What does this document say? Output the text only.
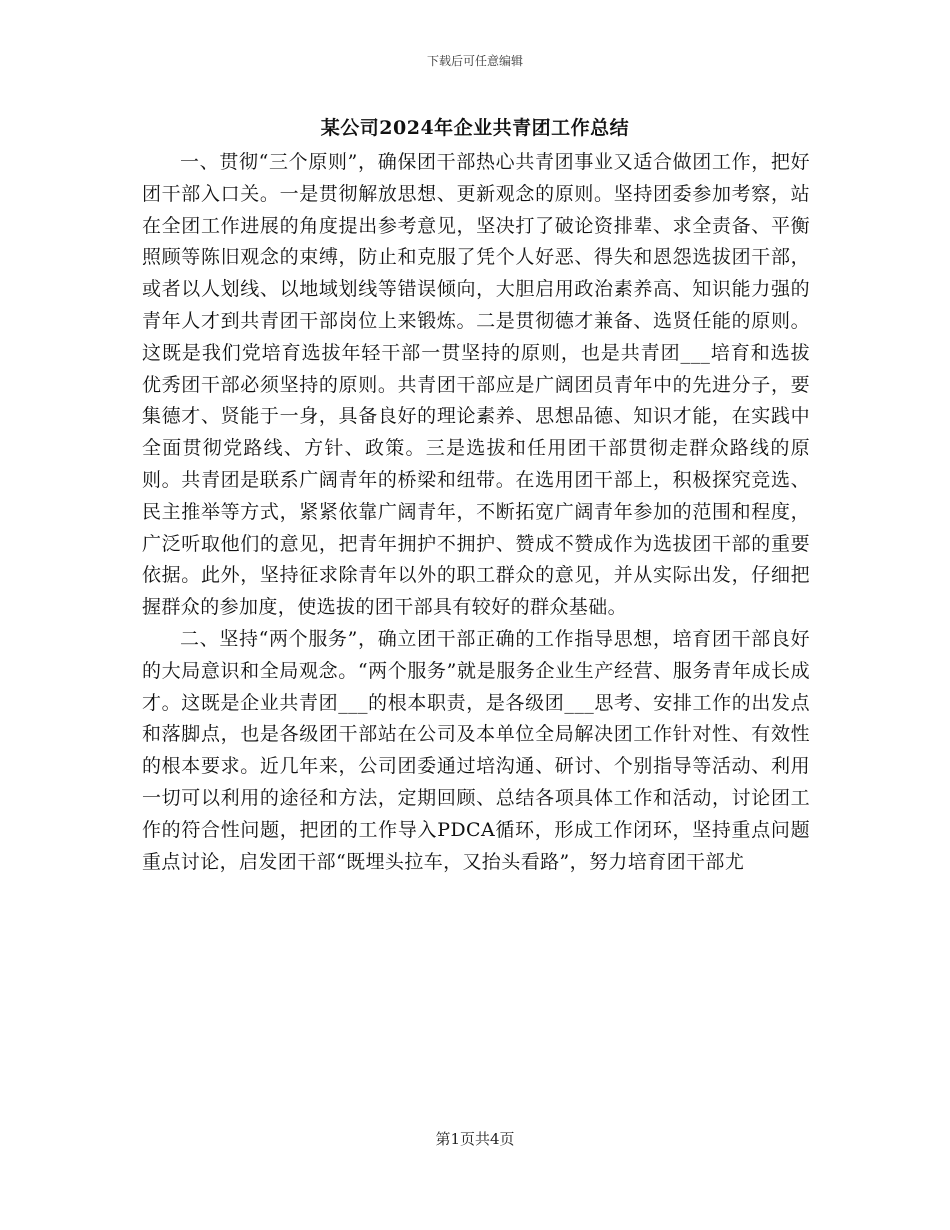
下载后可任意编辑
某公司2024年企业共青团工作总结

一、贯彻“三个原则”，确保团干部热心共青团事业又适合做团工作，把好团干部入口关。一是贯彻解放思想、更新观念的原则。坚持团委参加考察，站在全团工作进展的角度提出参考意见，坚决打了破论资排辈、求全责备、平衡照顾等陈旧观念的束缚，防止和克服了凭个人好恶、得失和恩怨选拔团干部，或者以人划线、以地域划线等错误倾向，大胆启用政治素养高、知识能力强的青年人才到共青团干部岗位上来锻炼。二是贯彻德才兼备、选贤任能的原则。这既是我们党培育选拔年轻干部一贯坚持的原则，也是共青团___培育和选拔优秀团干部必须坚持的原则。共青团干部应是广阔团员青年中的先进分子，要集德才、贤能于一身，具备良好的理论素养、思想品德、知识才能，在实践中全面贯彻党路线、方针、政策。三是选拔和任用团干部贯彻走群众路线的原则。共青团是联系广阔青年的桥梁和纽带。在选用团干部上，积极探究竞选、民主推举等方式，紧紧依靠广阔青年，不断拓宽广阔青年参加的范围和程度，广泛听取他们的意见，把青年拥护不拥护、赞成不赞成作为选拔团干部的重要依据。此外，坚持征求除青年以外的职工群众的意见，并从实际出发，仔细把握群众的参加度，使选拔的团干部具有较好的群众基础。

二、坚持“两个服务”，确立团干部正确的工作指导思想，培育团干部良好的大局意识和全局观念。“两个服务”就是服务企业生产经营、服务青年成长成才。这既是企业共青团___的根本职责，是各级团___思考、安排工作的出发点和落脚点，也是各级团干部站在公司及本单位全局解决团工作针对性、有效性的根本要求。近几年来，公司团委通过培沟通、研讨、个别指导等活动、利用一切可以利用的途径和方法，定期回顾、总结各项具体工作和活动，讨论团工作的符合性问题，把团的工作导入PDCA循环，形成工作闭环，坚持重点问题重点讨论，启发团干部“既埋头拉车，又抬头看路”，努力培育团干部尤

第1页共4页
